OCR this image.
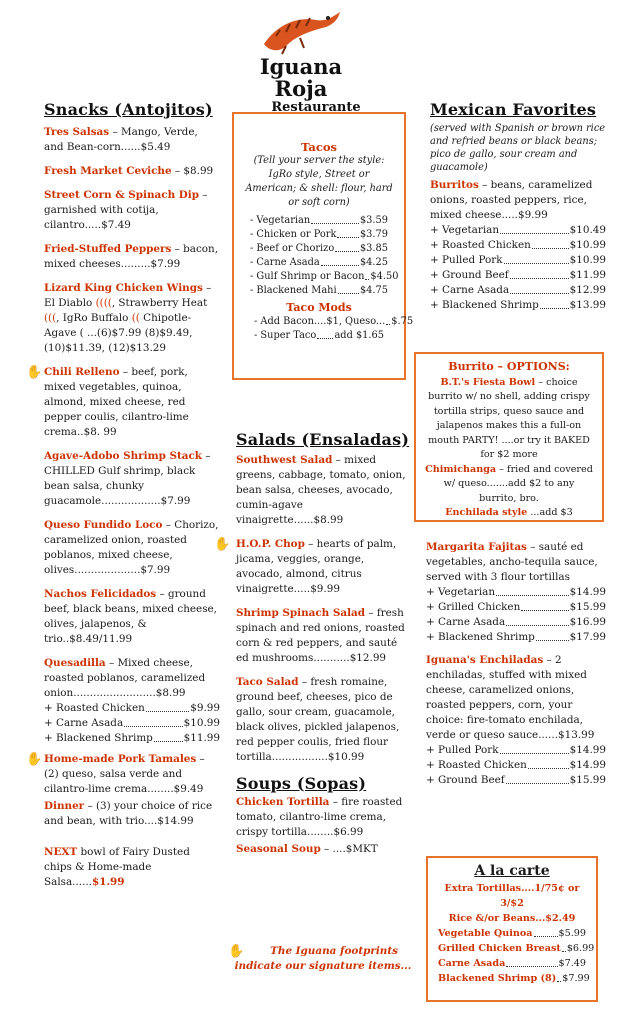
Iguana Roja
Restaurante
Snacks (Antojitos)
Tres Salsas – Mango, Verde, and Bean-corn......$5.49
Fresh Market Ceviche – $8.99
Street Corn & Spinach Dip – garnished with cotija, cilantro.....$7.49
Fried-Stuffed Peppers – bacon, mixed cheeses.........$7.99
Lizard King Chicken Wings – El Diablo ((((, Strawberry Heat (((, IgRo Buffalo (( Chipotle-Agave ( ...(6)$7.99 (8)$9.49, (10)$11.39, (12)$13.29
✋ Chili Relleno – beef, pork, mixed vegetables, quinoa, almond, mixed cheese, red pepper coulis, cilantro-lime crema..$8. 99
Agave-Adobo Shrimp Stack – CHILLED Gulf shrimp, black bean salsa, chunky guacamole..................$7.99
Queso Fundido Loco – Chorizo, caramelized onion, roasted poblanos, mixed cheese, olives....................$7.99
Nachos Felicidados – ground beef, black beans, mixed cheese, olives, jalapenos, & trio..$8.49/11.99
Quesadilla – Mixed cheese, roasted poblanos, caramelized onion.........................$8.99
+ Roasted Chicken	$9.99
+ Carne Asada	$10.99
+ Blackened Shrimp	$11.99
✋ Home-made Pork Tamales – (2) queso, salsa verde and cilantro-lime crema........$9.49
Dinner – (3) your choice of rice and bean, with trio....$14.99
NEXT bowl of Fairy Dusted chips & Home-made Salsa......$1.99
Tacos
(Tell your server the style: IgRo style, Street or American; & shell: flour, hard or soft corn)
- Vegetarian	$3.59
- Chicken or Pork $3.79
- Beef or Chorizo	$3.85
- Carne Asada	$4.25
- Gulf Shrimp or Bacon $4.50
- Blackened Mahi $4.75
Taco Mods
- Add Bacon....$1, Queso... $.75
- Super Taco add $1.65
Salads (Ensaladas)
Southwest Salad – mixed greens, cabbage, tomato, onion, bean salsa, cheeses, avocado, cumin-agave vinaigrette......$8.99
✋ H.O.P. Chop – hearts of palm, jicama, veggies, orange, avocado, almond, citrus vinaigrette.....$9.99
Shrimp Spinach Salad – fresh spinach and red onions, roasted corn & red peppers, and sauté ed mushrooms...........$12.99
Taco Salad – fresh romaine, ground beef, cheeses, pico de gallo, sour cream, guacamole, black olives, pickled jalapenos, red pepper coulis, fried flour tortilla.................$10.99
Soups (Sopas)
Chicken Tortilla – fire roasted tomato, cilantro-lime crema, crispy tortilla........$6.99
Seasonal Soup – ....$MKT
✋	The Iguana footprints indicate our signature items...
Mexican Favorites
(served with Spanish or brown rice and refried beans or black beans; pico de gallo, sour cream and guacamole)
Burritos – beans, caramelized onions, roasted peppers, rice, mixed cheese.....$9.99
+ Vegetarian	$10.49
+ Roasted Chicken	$10.99
+ Pulled Pork	$10.99
+ Ground Beef	$11.99
+ Carne Asada	$12.99
+ Blackened Shrimp	$13.99
Burrito – OPTIONS:
B.T.'s Fiesta Bowl – choice burrito w/ no shell, adding crispy tortilla strips, queso sauce and jalapenos makes this a full-on mouth PARTY! ....or try it BAKED for $2 more
Chimichanga – fried and covered w/ queso.......add $2 to any burrito, bro.
Enchilada style ...add $3
Margarita Fajitas – sauté ed vegetables, ancho-tequila sauce, served with 3 flour tortillas
+ Vegetarian	$14.99
+ Grilled Chicken	$15.99
+ Carne Asada	$16.99
+ Blackened Shrimp	$17.99
Iguana's Enchiladas – 2 enchiladas, stuffed with mixed cheese, caramelized onions, roasted peppers, corn, your choice: fire-tomato enchilada, verde or queso sauce......$13.99
+ Pulled Pork	$14.99
+ Roasted Chicken	$14.99
+ Ground Beef	$15.99
A la carte
Extra Tortillas....1/75¢ or 3/$2
Rice &/or Beans...$2.49
Vegetable Quinoa	$5.99
Grilled Chicken Breast $6.99
Carne Asada	$7.49
Blackened Shrimp (8) $7.99
